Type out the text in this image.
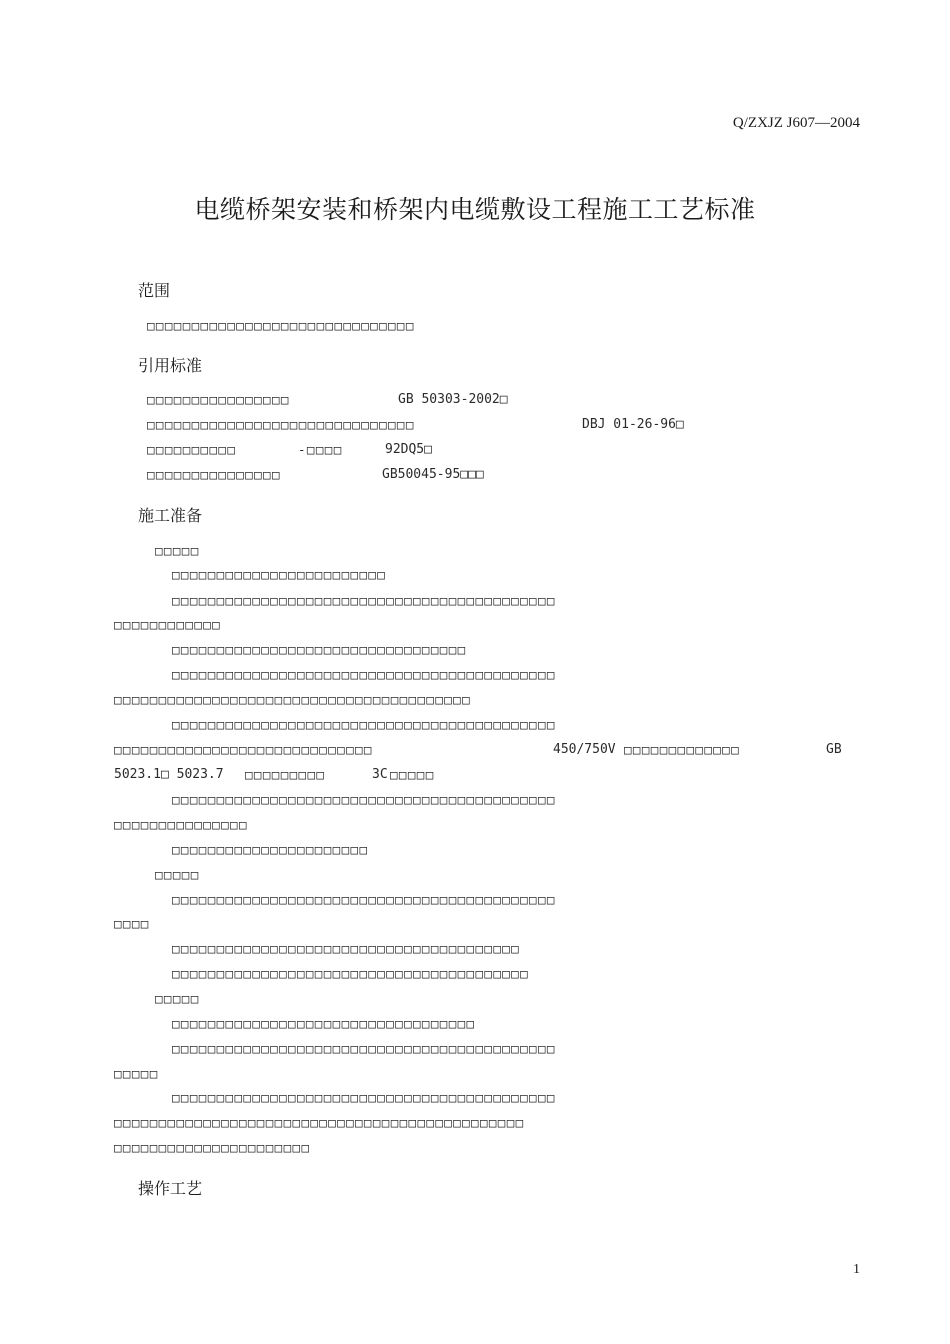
Q/ZXJZ J607—2004
电缆桥架安装和桥架内电缆敷设工程施工工艺标准
范围
□□□□□□□□□□□□□□□□□□□□□□□□□□□□□□
引用标准
□□□□□□□□□□□□□□□□	GB 50303-2002□
□□□□□□□□□□□□□□□□□□□□□□□□□□□□□□	DBJ 01-26-96□
□□□□□□□□□□	-□□□□	92DQ5□
□□□□□□□□□□□□□□□	GB50045-95□□□
施工准备
□□□□□
□□□□□□□□□□□□□□□□□□□□□□□□
□□□□□□□□□□□□□□□□□□□□□□□□□□□□□□□□□□□□□□□□□□□
□□□□□□□□□□□□
□□□□□□□□□□□□□□□□□□□□□□□□□□□□□□□□□
□□□□□□□□□□□□□□□□□□□□□□□□□□□□□□□□□□□□□□□□□□□
□□□□□□□□□□□□□□□□□□□□□□□□□□□□□□□□□□□□□□□□
□□□□□□□□□□□□□□□□□□□□□□□□□□□□□□□□□□□□□□□□□□□
□□□□□□□□□□□□□□□□□□□□□□□□□□□□□	450/750V □□□□□□□□□□□□□	GB
5023.1□ 5023.7 □□□□□□□□□	3C □□□□□
□□□□□□□□□□□□□□□□□□□□□□□□□□□□□□□□□□□□□□□□□□□
□□□□□□□□□□□□□□□
□□□□□□□□□□□□□□□□□□□□□□
□□□□□
□□□□□□□□□□□□□□□□□□□□□□□□□□□□□□□□□□□□□□□□□□□
□□□□
□□□□□□□□□□□□□□□□□□□□□□□□□□□□□□□□□□□□□□□
□□□□□□□□□□□□□□□□□□□□□□□□□□□□□□□□□□□□□□□□
□□□□□
□□□□□□□□□□□□□□□□□□□□□□□□□□□□□□□□□□
□□□□□□□□□□□□□□□□□□□□□□□□□□□□□□□□□□□□□□□□□□□
□□□□□
□□□□□□□□□□□□□□□□□□□□□□□□□□□□□□□□□□□□□□□□□□□
□□□□□□□□□□□□□□□□□□□□□□□□□□□□□□□□□□□□□□□□□□□□□□
□□□□□□□□□□□□□□□□□□□□□□
操作工艺
1
